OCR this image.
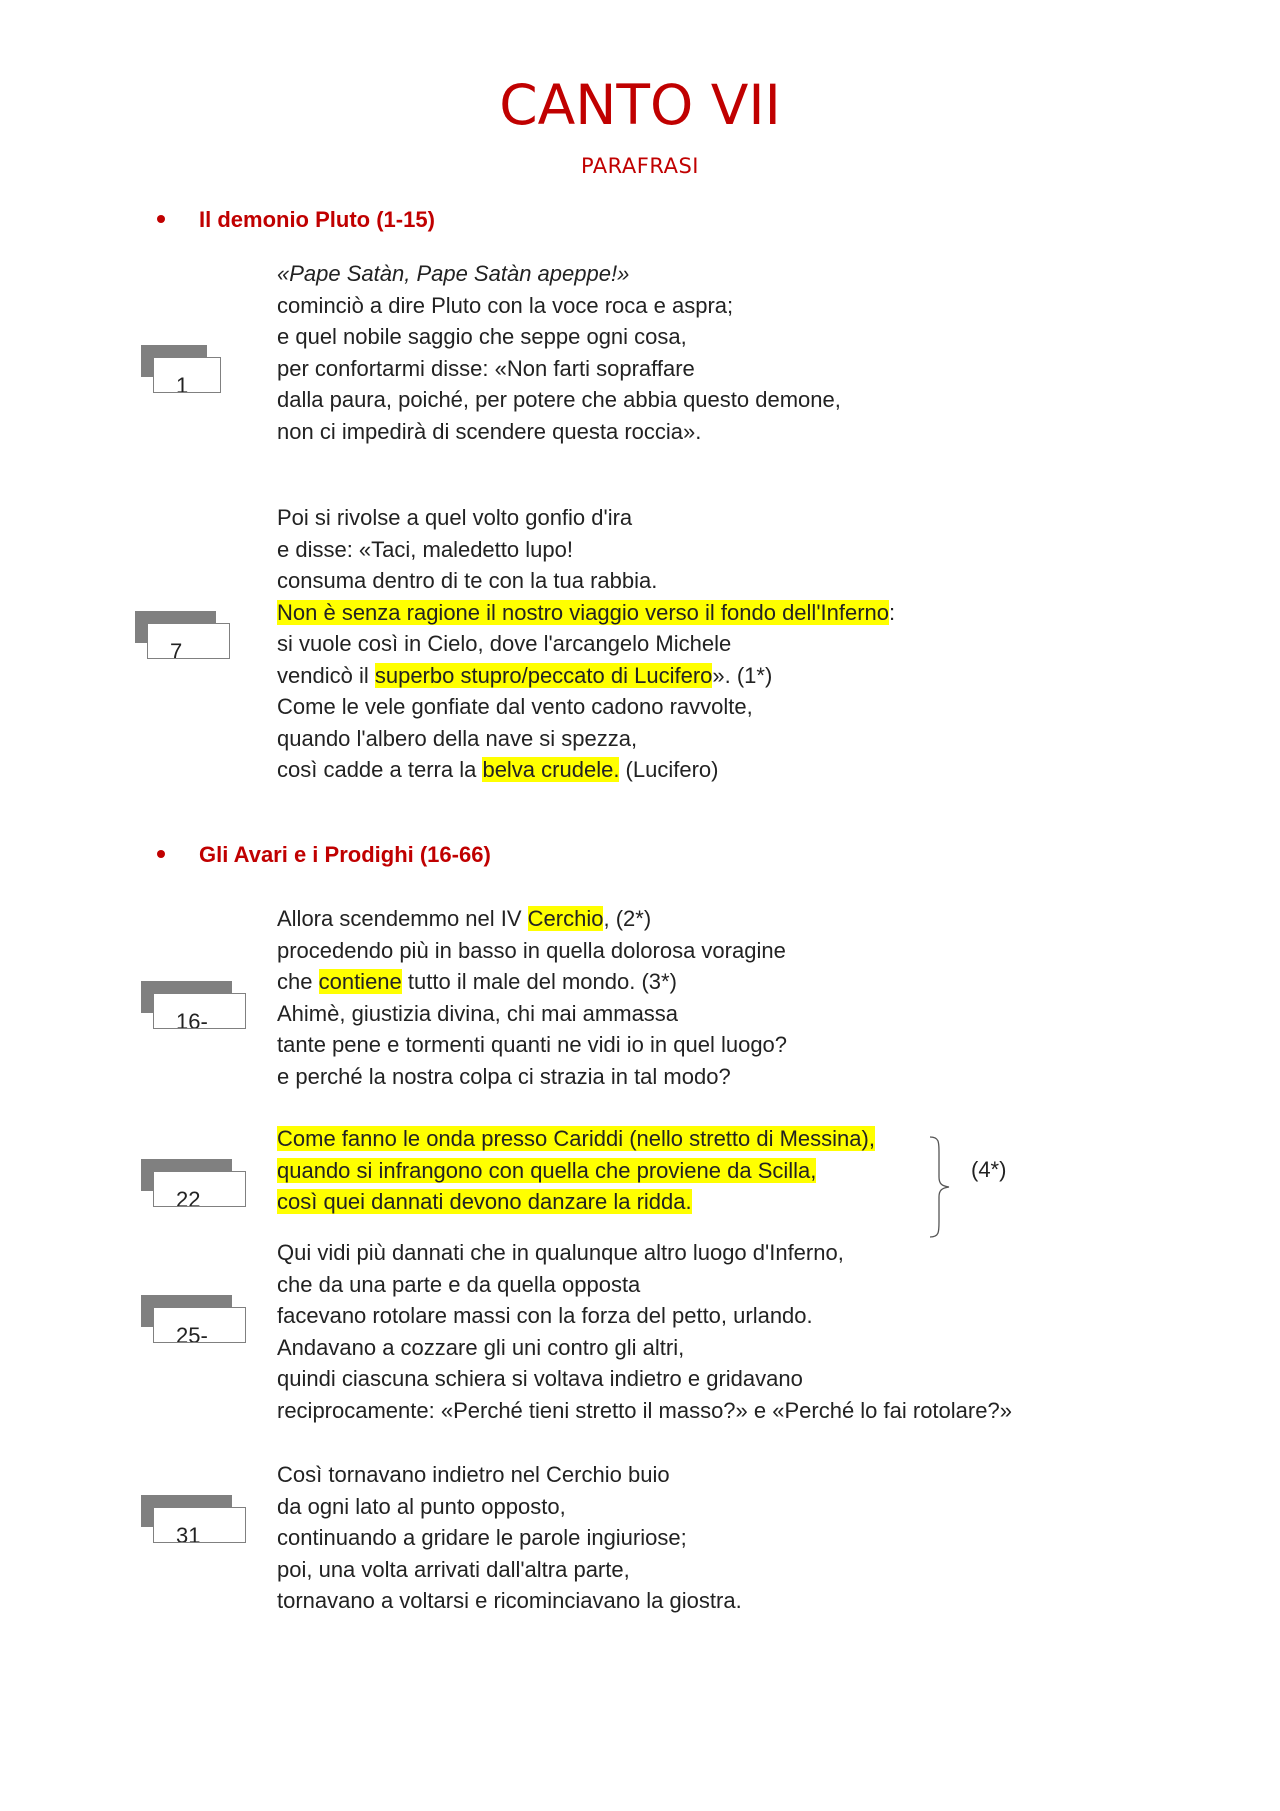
CANTO VII
PARAFRASI
Il demonio Pluto (1-15)
Gli Avari e i Prodighi (16-66)
«Pape Satàn, Pape Satàn apeppe!»
cominciò a dire Pluto con la voce roca e aspra;
e quel nobile saggio che seppe ogni cosa,
per confortarmi disse: «Non farti sopraffare
dalla paura, poiché, per potere che abbia questo demone,
non ci impedirà di scendere questa roccia».
Poi si rivolse a quel volto gonfio d'ira
e disse: «Taci, maledetto lupo!
consuma dentro di te con la tua rabbia.
Non è senza ragione il nostro viaggio verso il fondo dell'Inferno:
si vuole così in Cielo, dove l'arcangelo Michele
vendicò il superbo stupro/peccato di Lucifero». (1*)
Come le vele gonfiate dal vento cadono ravvolte,
quando l'albero della nave si spezza,
così cadde a terra la belva crudele. (Lucifero)
Allora scendemmo nel IV Cerchio, (2*)
procedendo più in basso in quella dolorosa voragine
che contiene tutto il male del mondo. (3*)
Ahimè, giustizia divina, chi mai ammassa
tante pene e tormenti quanti ne vidi io in quel luogo?
e perché la nostra colpa ci strazia in tal modo?
Come fanno le onda presso Cariddi (nello stretto di Messina),
quando si infrangono con quella che proviene da Scilla,
così quei dannati devono danzare la ridda.
Qui vidi più dannati che in qualunque altro luogo d'Inferno,
che da una parte e da quella opposta
facevano rotolare massi con la forza del petto, urlando.
Andavano a cozzare gli uni contro gli altri,
quindi ciascuna schiera si voltava indietro e gridavano
reciprocamente: «Perché tieni stretto il masso?» e «Perché lo fai rotolare?»
Così tornavano indietro nel Cerchio buio
da ogni lato al punto opposto,
continuando a gridare le parole ingiuriose;
poi, una volta arrivati dall'altra parte,
tornavano a voltarsi e ricominciavano la giostra.
1
7
16-
22
25-
31
(4*)
